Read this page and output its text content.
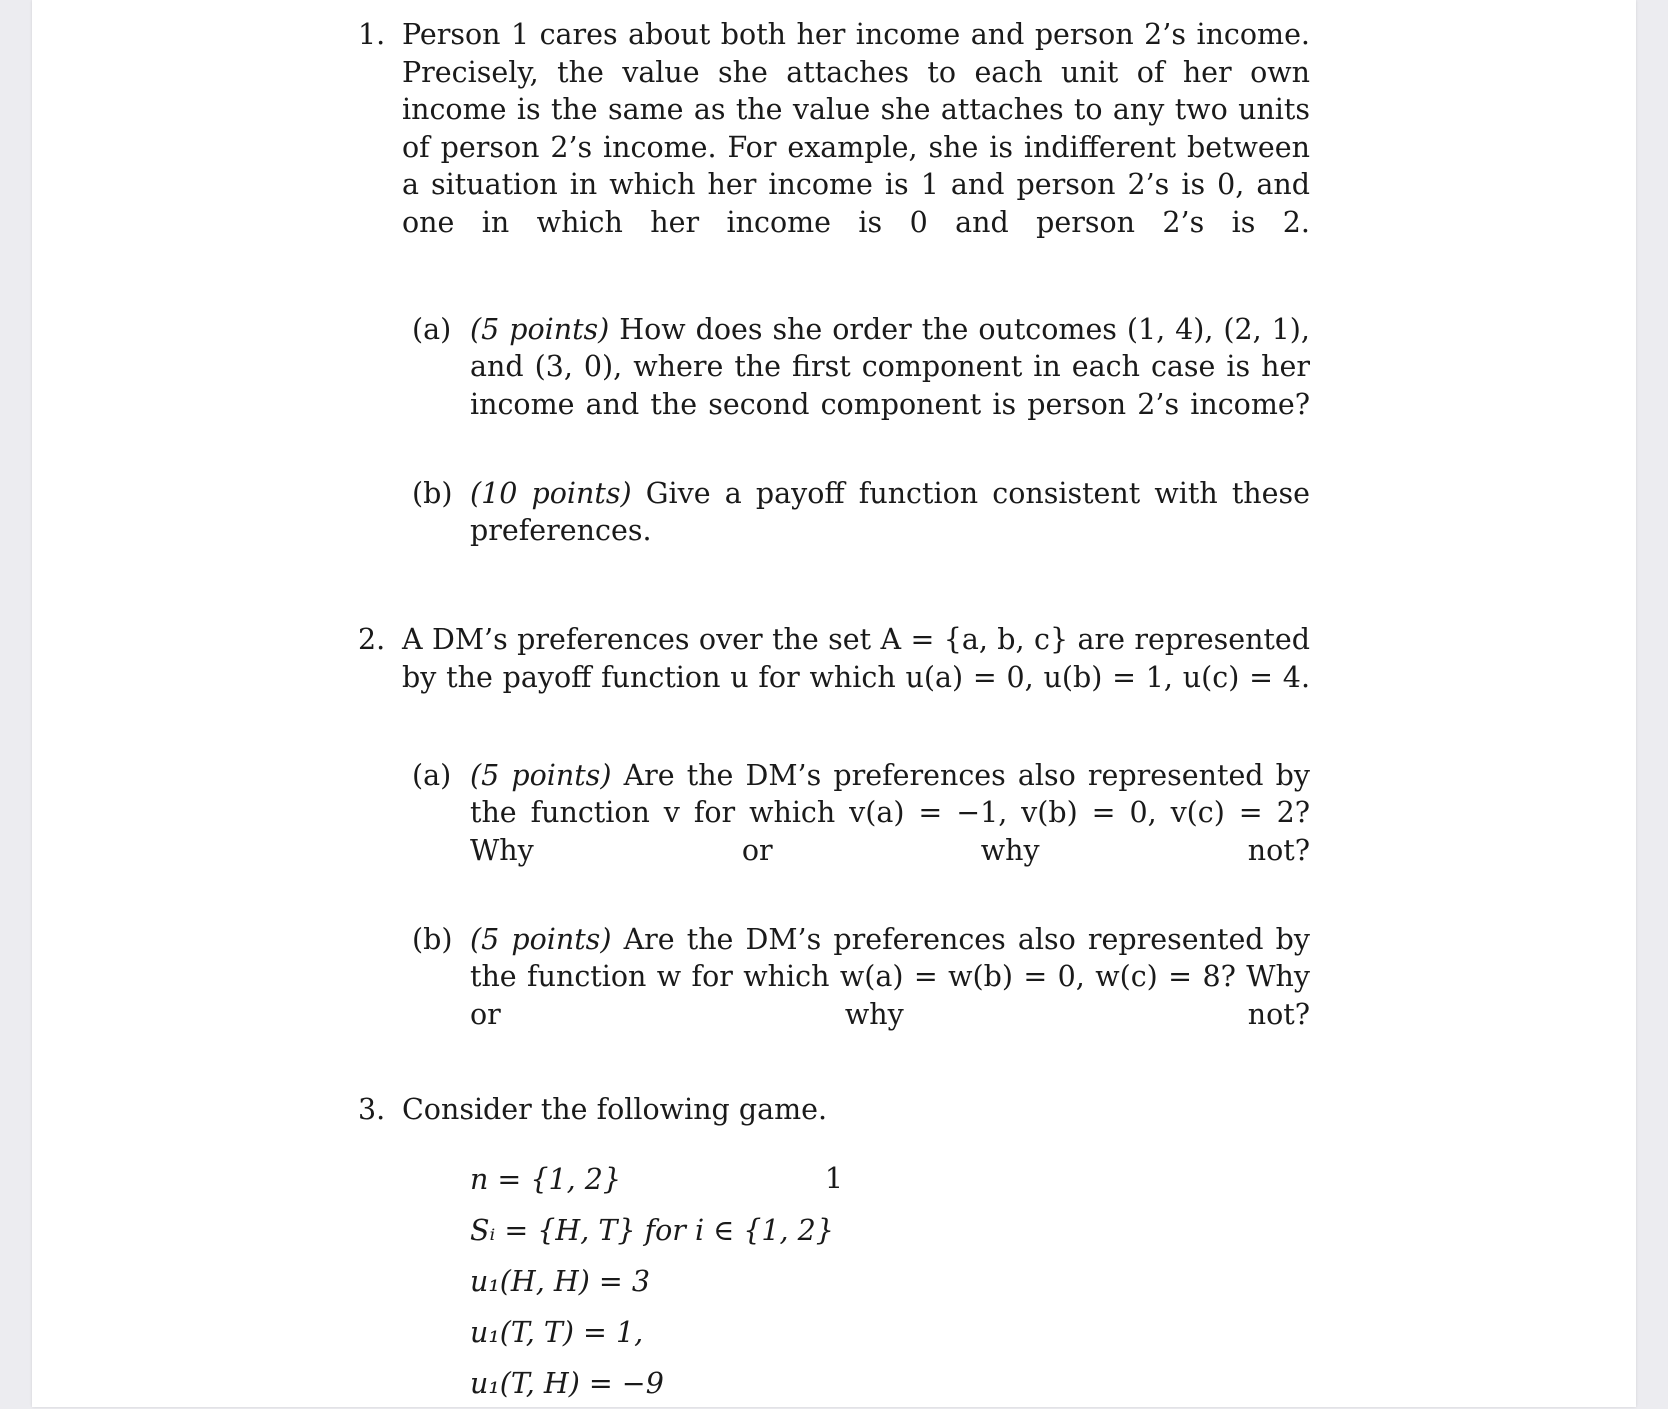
1. Person 1 cares about both her income and person 2’s income. Precisely, the value she attaches to each unit of her own income is the same as the value she attaches to any two units of person 2’s income. For example, she is indifferent between a situation in which her income is 1 and person 2’s is 0, and one in which her income is 0 and person 2’s is 2.
(a) (5 points) How does she order the outcomes (1, 4), (2, 1), and (3, 0), where the first component in each case is her income and the second component is person 2’s income?
(b) (10 points) Give a payoff function consistent with these preferences.
2. A DM’s preferences over the set A = {a, b, c} are represented by the payoff function u for which u(a) = 0, u(b) = 1, u(c) = 4.
(a) (5 points) Are the DM’s preferences also represented by the function v for which v(a) = −1, v(b) = 0, v(c) = 2? Why or why not?
(b) (5 points) Are the DM’s preferences also represented by the function w for which w(a) = w(b) = 0, w(c) = 8? Why or why not?
3. Consider the following game.
n = {1, 2}
Sᵢ = {H, T} for i ∈ {1, 2}
u₁(H, H) = 3
u₁(T, T) = 1,
u₁(T, H) = −9
1
